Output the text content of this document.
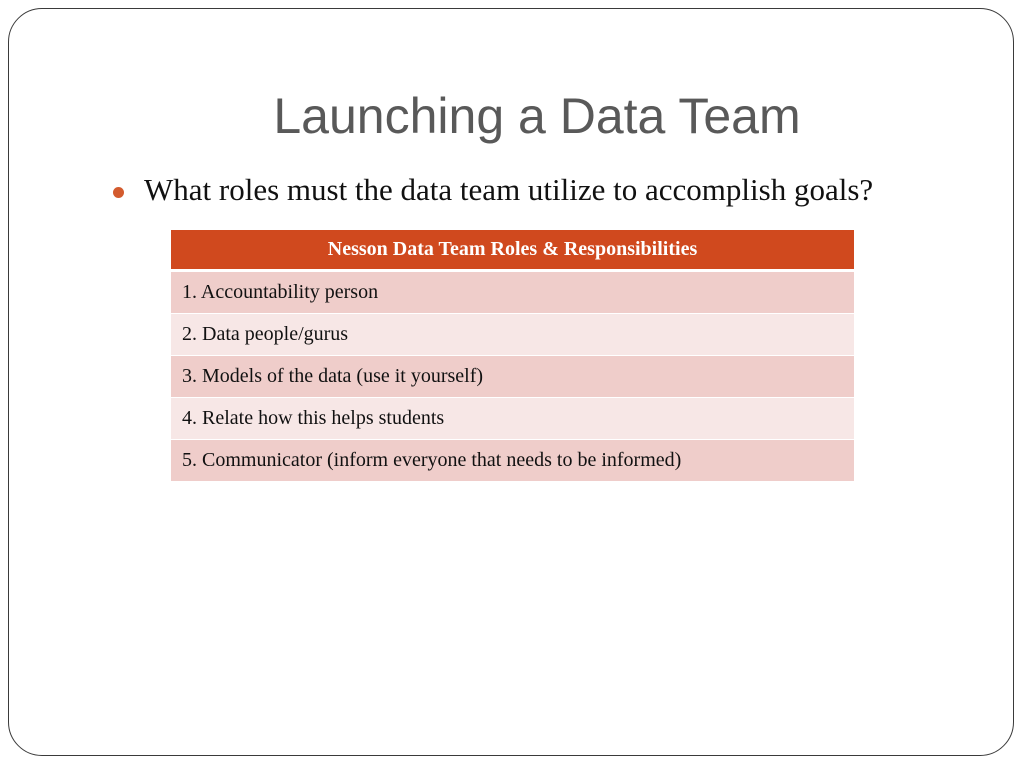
Launching a Data Team
What roles must the data team utilize to accomplish goals?
Nesson Data Team Roles & Responsibilities
1. Accountability person
2. Data people/gurus
3. Models of the data (use it yourself)
4. Relate how this helps students
5. Communicator (inform everyone that needs to be informed)
